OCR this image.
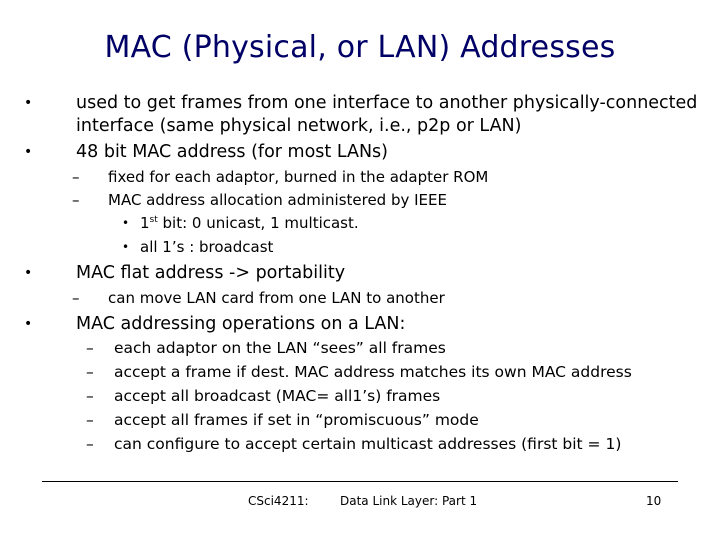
MAC (Physical, or LAN) Addresses
• used to get frames from one interface to another physically-connected interface (same physical network, i.e., p2p or LAN)
• 48 bit MAC address (for most LANs)
– fixed for each adaptor, burned in the adapter ROM
– MAC address allocation administered by IEEE
• 1st bit: 0 unicast, 1 multicast.
• all 1’s : broadcast
• MAC flat address -> portability
– can move LAN card from one LAN to another
• MAC addressing operations on a LAN:
– each adaptor on the LAN “sees” all frames
– accept a frame if dest. MAC address matches its own MAC address
– accept all broadcast (MAC= all1’s) frames
– accept all frames if set in “promiscuous” mode
– can configure to accept certain multicast addresses (first bit = 1)
CSci4211:	Data Link Layer: Part 1	10
